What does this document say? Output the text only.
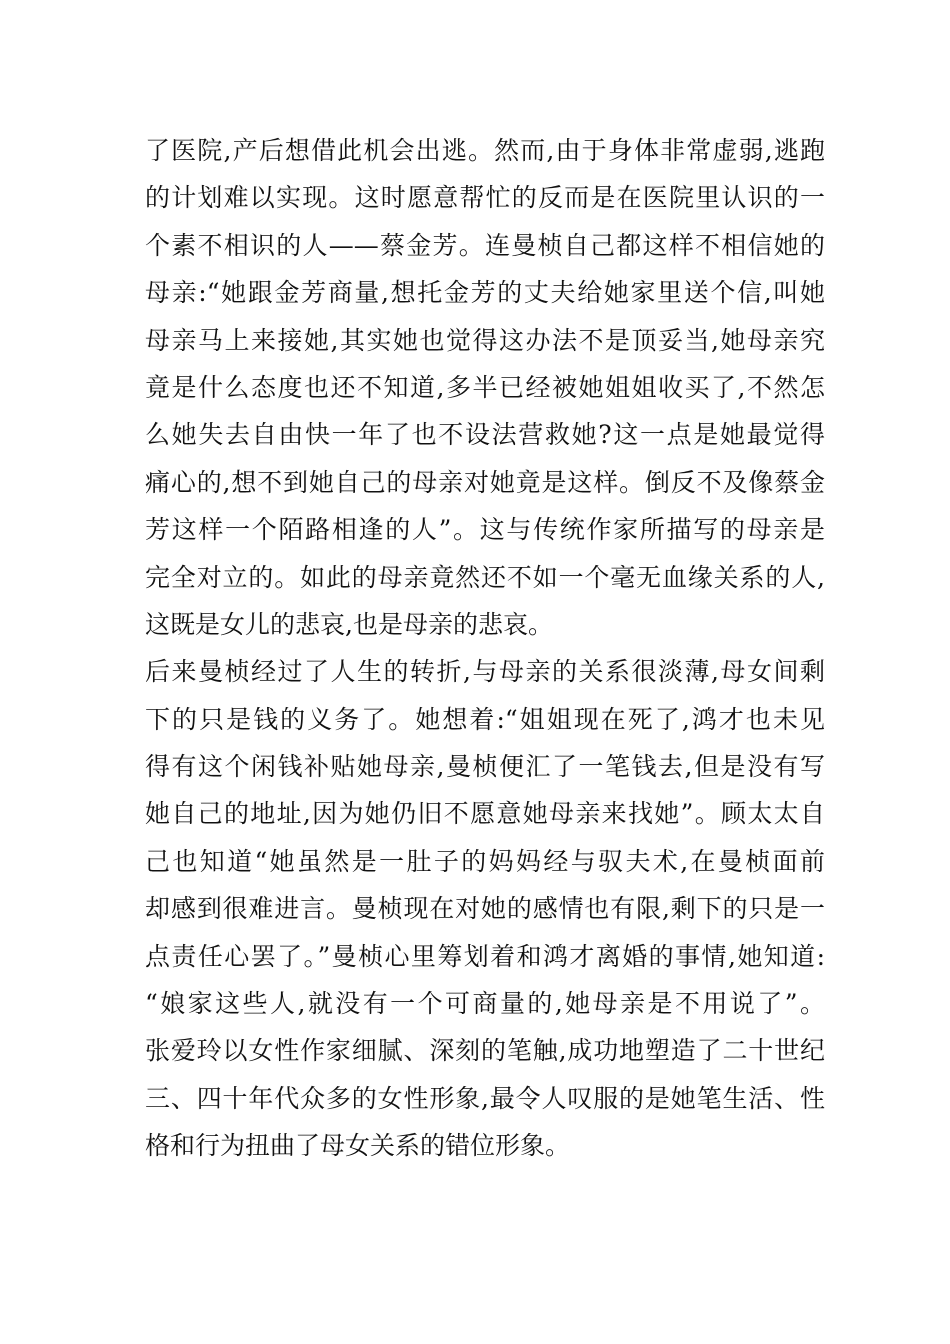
了医院,产后想借此机会出逃。然而,由于身体非常虚弱,逃跑
的计划难以实现。这时愿意帮忙的反而是在医院里认识的一
个素不相识的人——蔡金芳。连曼桢自己都这样不相信她的
母亲:“她跟金芳商量,想托金芳的丈夫给她家里送个信,叫她
母亲马上来接她,其实她也觉得这办法不是顶妥当,她母亲究
竟是什么态度也还不知道,多半已经被她姐姐收买了,不然怎
么她失去自由快一年了也不设法营救她?这一点是她最觉得
痛心的,想不到她自己的母亲对她竟是这样。倒反不及像蔡金
芳这样一个陌路相逢的人”。这与传统作家所描写的母亲是
完全对立的。如此的母亲竟然还不如一个毫无血缘关系的人,
这既是女儿的悲哀,也是母亲的悲哀。
后来曼桢经过了人生的转折,与母亲的关系很淡薄,母女间剩
下的只是钱的义务了。她想着:“姐姐现在死了,鸿才也未见
得有这个闲钱补贴她母亲,曼桢便汇了一笔钱去,但是没有写
她自己的地址,因为她仍旧不愿意她母亲来找她”。顾太太自
己也知道“她虽然是一肚子的妈妈经与驭夫术,在曼桢面前
却感到很难进言。曼桢现在对她的感情也有限,剩下的只是一
点责任心罢了。”曼桢心里筹划着和鸿才离婚的事情,她知道:
“娘家这些人,就没有一个可商量的,她母亲是不用说了”。
张爱玲以女性作家细腻、深刻的笔触,成功地塑造了二十世纪
三、四十年代众多的女性形象,最令人叹服的是她笔生活、性
格和行为扭曲了母女关系的错位形象。
